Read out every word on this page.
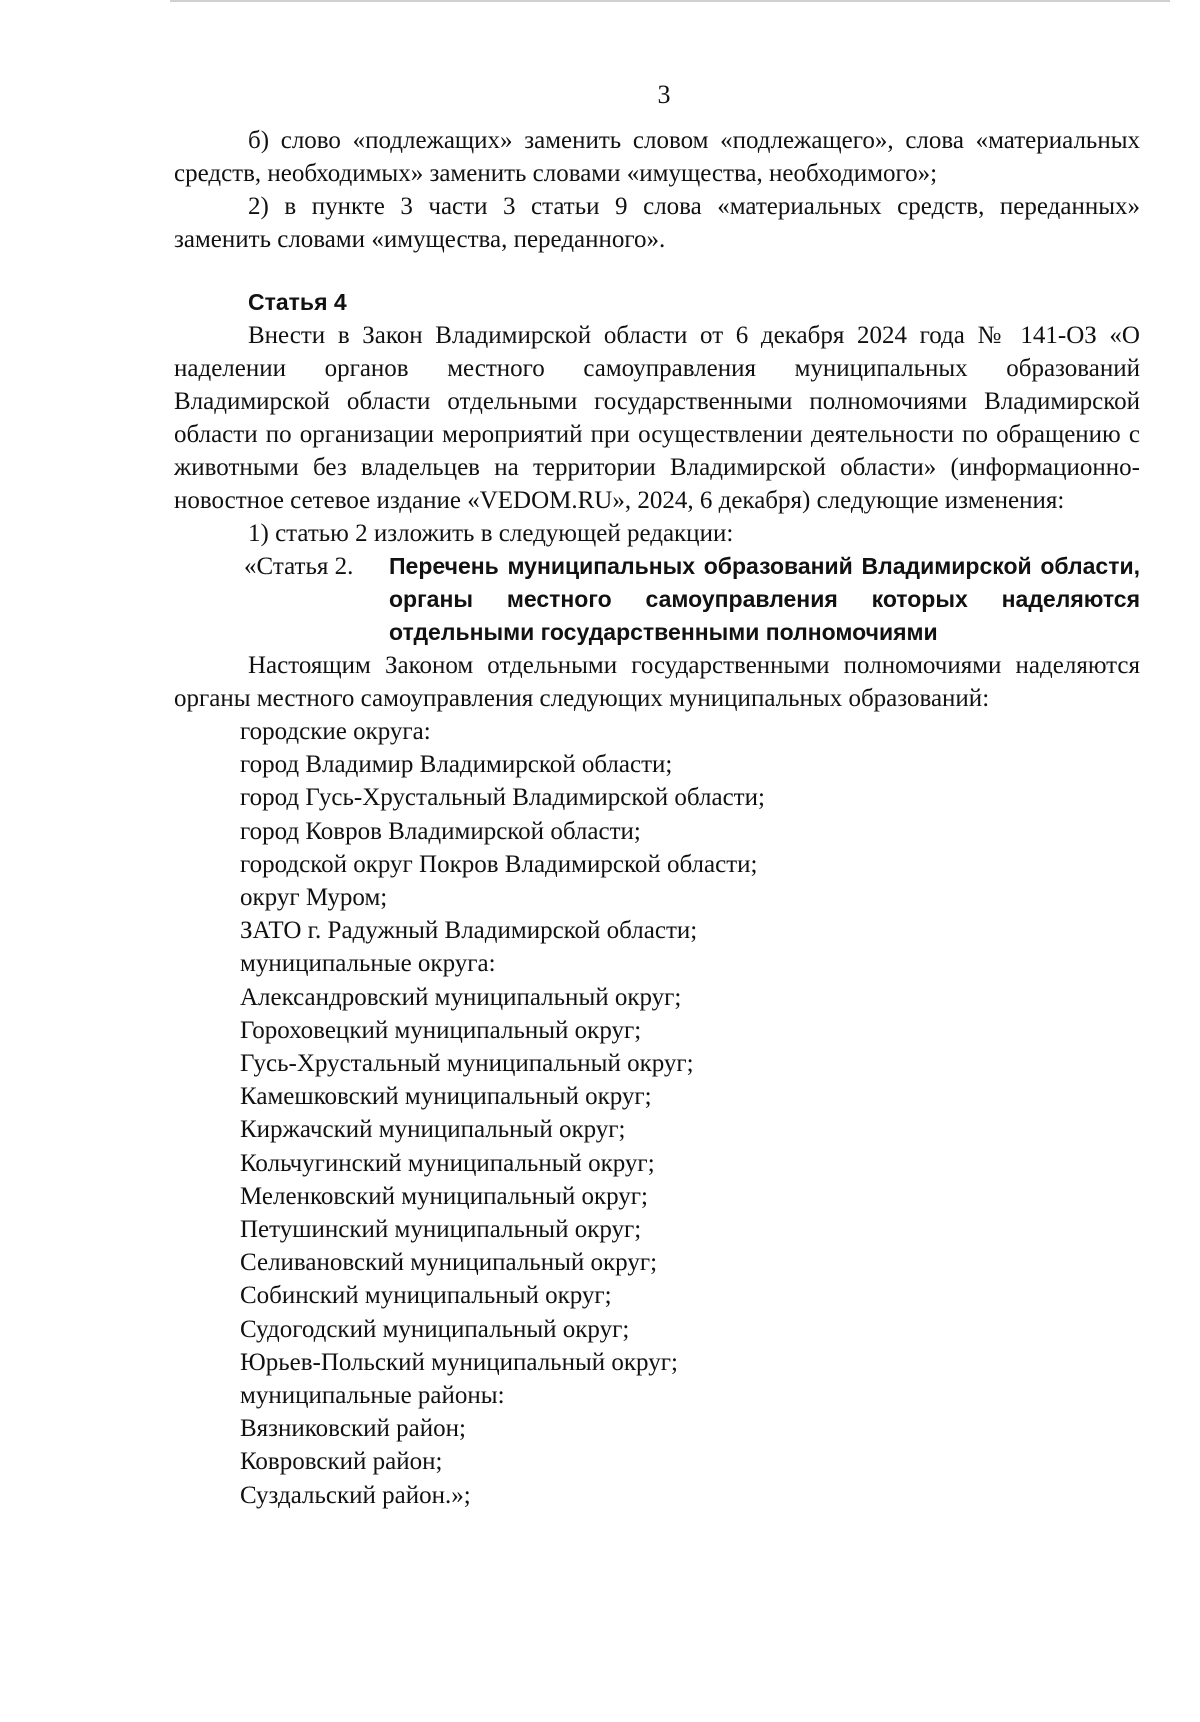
3

б) слово «подлежащих» заменить словом «подлежащего», слова «материальных средств, необходимых» заменить словами «имущества, необходимого»;

2) в пункте 3 части 3 статьи 9 слова «материальных средств, переданных» заменить словами «имущества, переданного».

Статья 4

Внести в Закон Владимирской области от 6 декабря 2024 года № 141-ОЗ «О наделении органов местного самоуправления муниципальных образований Владимирской области отдельными государственными полномочиями Владимирской области по организации мероприятий при осуществлении деятельности по обращению с животными без владельцев на территории Владимирской области» (информационно-новостное сетевое издание «VEDOM.RU», 2024, 6 декабря) следующие изменения:

1) статью 2 изложить в следующей редакции:

«Статья 2.	Перечень муниципальных образований Владимирской области, органы местного самоуправления которых наделяются отдельными государственными полномочиями

Настоящим Законом отдельными государственными полномочиями наделяются органы местного самоуправления следующих муниципальных образований:

городские округа:
город Владимир Владимирской области;
город Гусь-Хрустальный Владимирской области;
город Ковров Владимирской области;
городской округ Покров Владимирской области;
округ Муром;
ЗАТО г. Радужный Владимирской области;
муниципальные округа:
Александровский муниципальный округ;
Гороховецкий муниципальный округ;
Гусь-Хрустальный муниципальный округ;
Камешковский муниципальный округ;
Киржачский муниципальный округ;
Кольчугинский муниципальный округ;
Меленковский муниципальный округ;
Петушинский муниципальный округ;
Селивановский муниципальный округ;
Собинский муниципальный округ;
Судогодский муниципальный округ;
Юрьев-Польский муниципальный округ;
муниципальные районы:
Вязниковский район;
Ковровский район;
Суздальский район.»;
